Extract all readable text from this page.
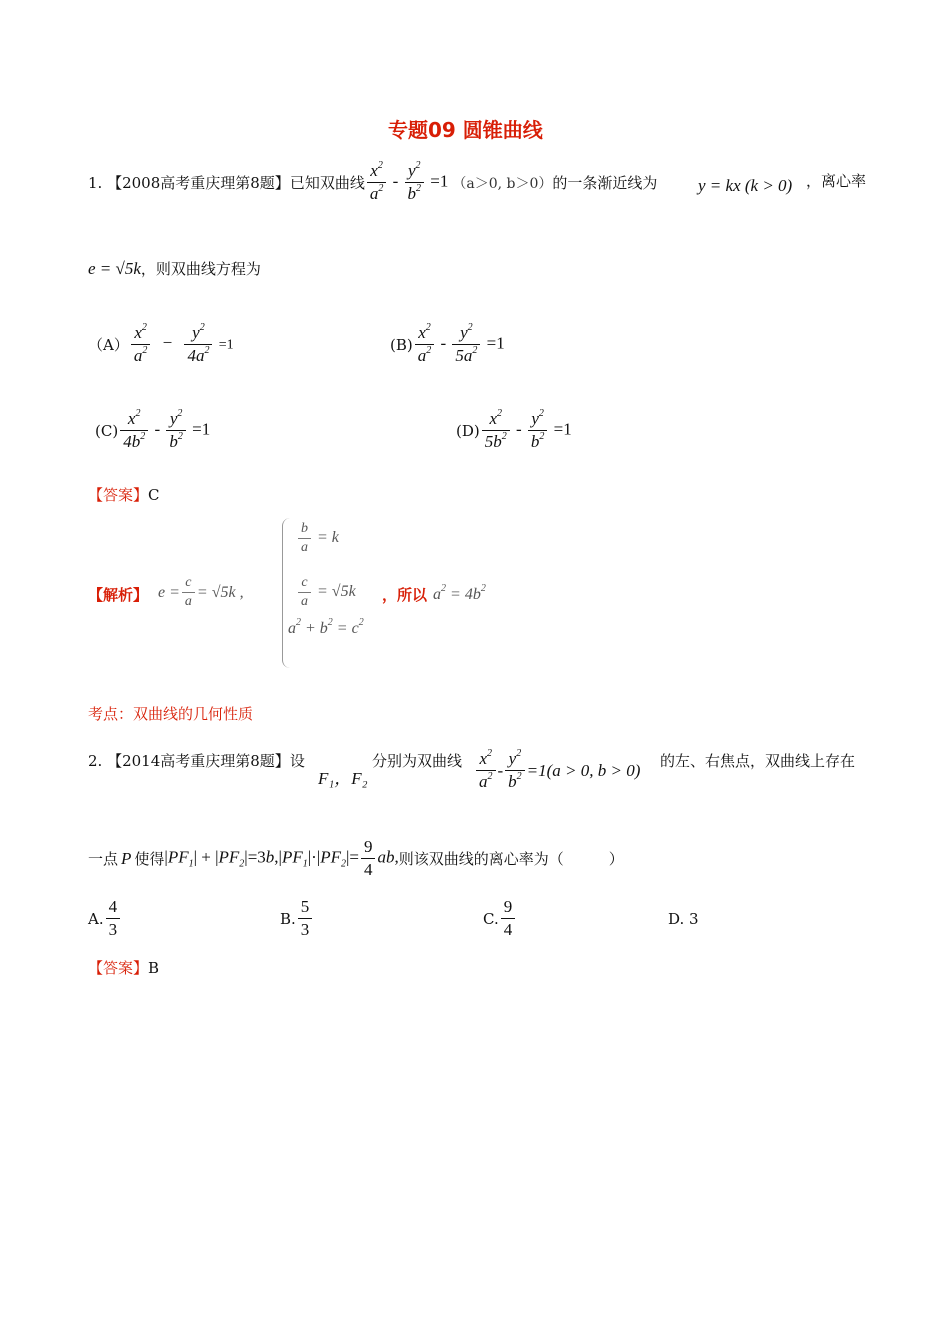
专题09 圆锥曲线
1.
【2008高考重庆理第8题】 已知双曲线 $\frac{x^2}{a^2} - \frac{y^2}{b^2} =1$ （a＞0, b＞0） 的一条渐近线为 y = kx (k > 0) ，离心率
e = √5k ，则双曲线方程为
$(A) \frac{x^2}{a^2} - \frac{y^2}{4a^2} =1$	$(B) \frac{x^2}{a^2} - \frac{y^2}{5a^2} =1$
$(C) \frac{x^2}{4b^2} - \frac{y^2}{b^2} =1$	$(D) \frac{x^2}{5b^2} - \frac{y^2}{b^2} =1$
【答案】C
【解析】 $e = \frac{c}{a} = √5k$ ,
$\frac{b}{a} = k$
$\frac{c}{a} = √5k$
$a^2 + b^2 = c^2$
，所以 $a^2 = 4b^2$
考点：双曲线的几何性质
2.
【2014高考重庆理第8题】 设
F₁，F₂
分别为双曲线 $\frac{x^2}{a^2} - \frac{y^2}{b^2} =1(a > 0$, b > 0) 的左、右焦点，双曲线上存在
一点 P 使得 $|PF_1| + |PF_2|=3b,|PF_1|\cdot|PF_2|= \frac{9}{4}$ ab, 则该双曲线的离心率为（　　　）
A. $\frac{4}{3}$	B. $\frac{5}{3}$	C. $\frac{9}{4}$	D. 3
【答案】B
